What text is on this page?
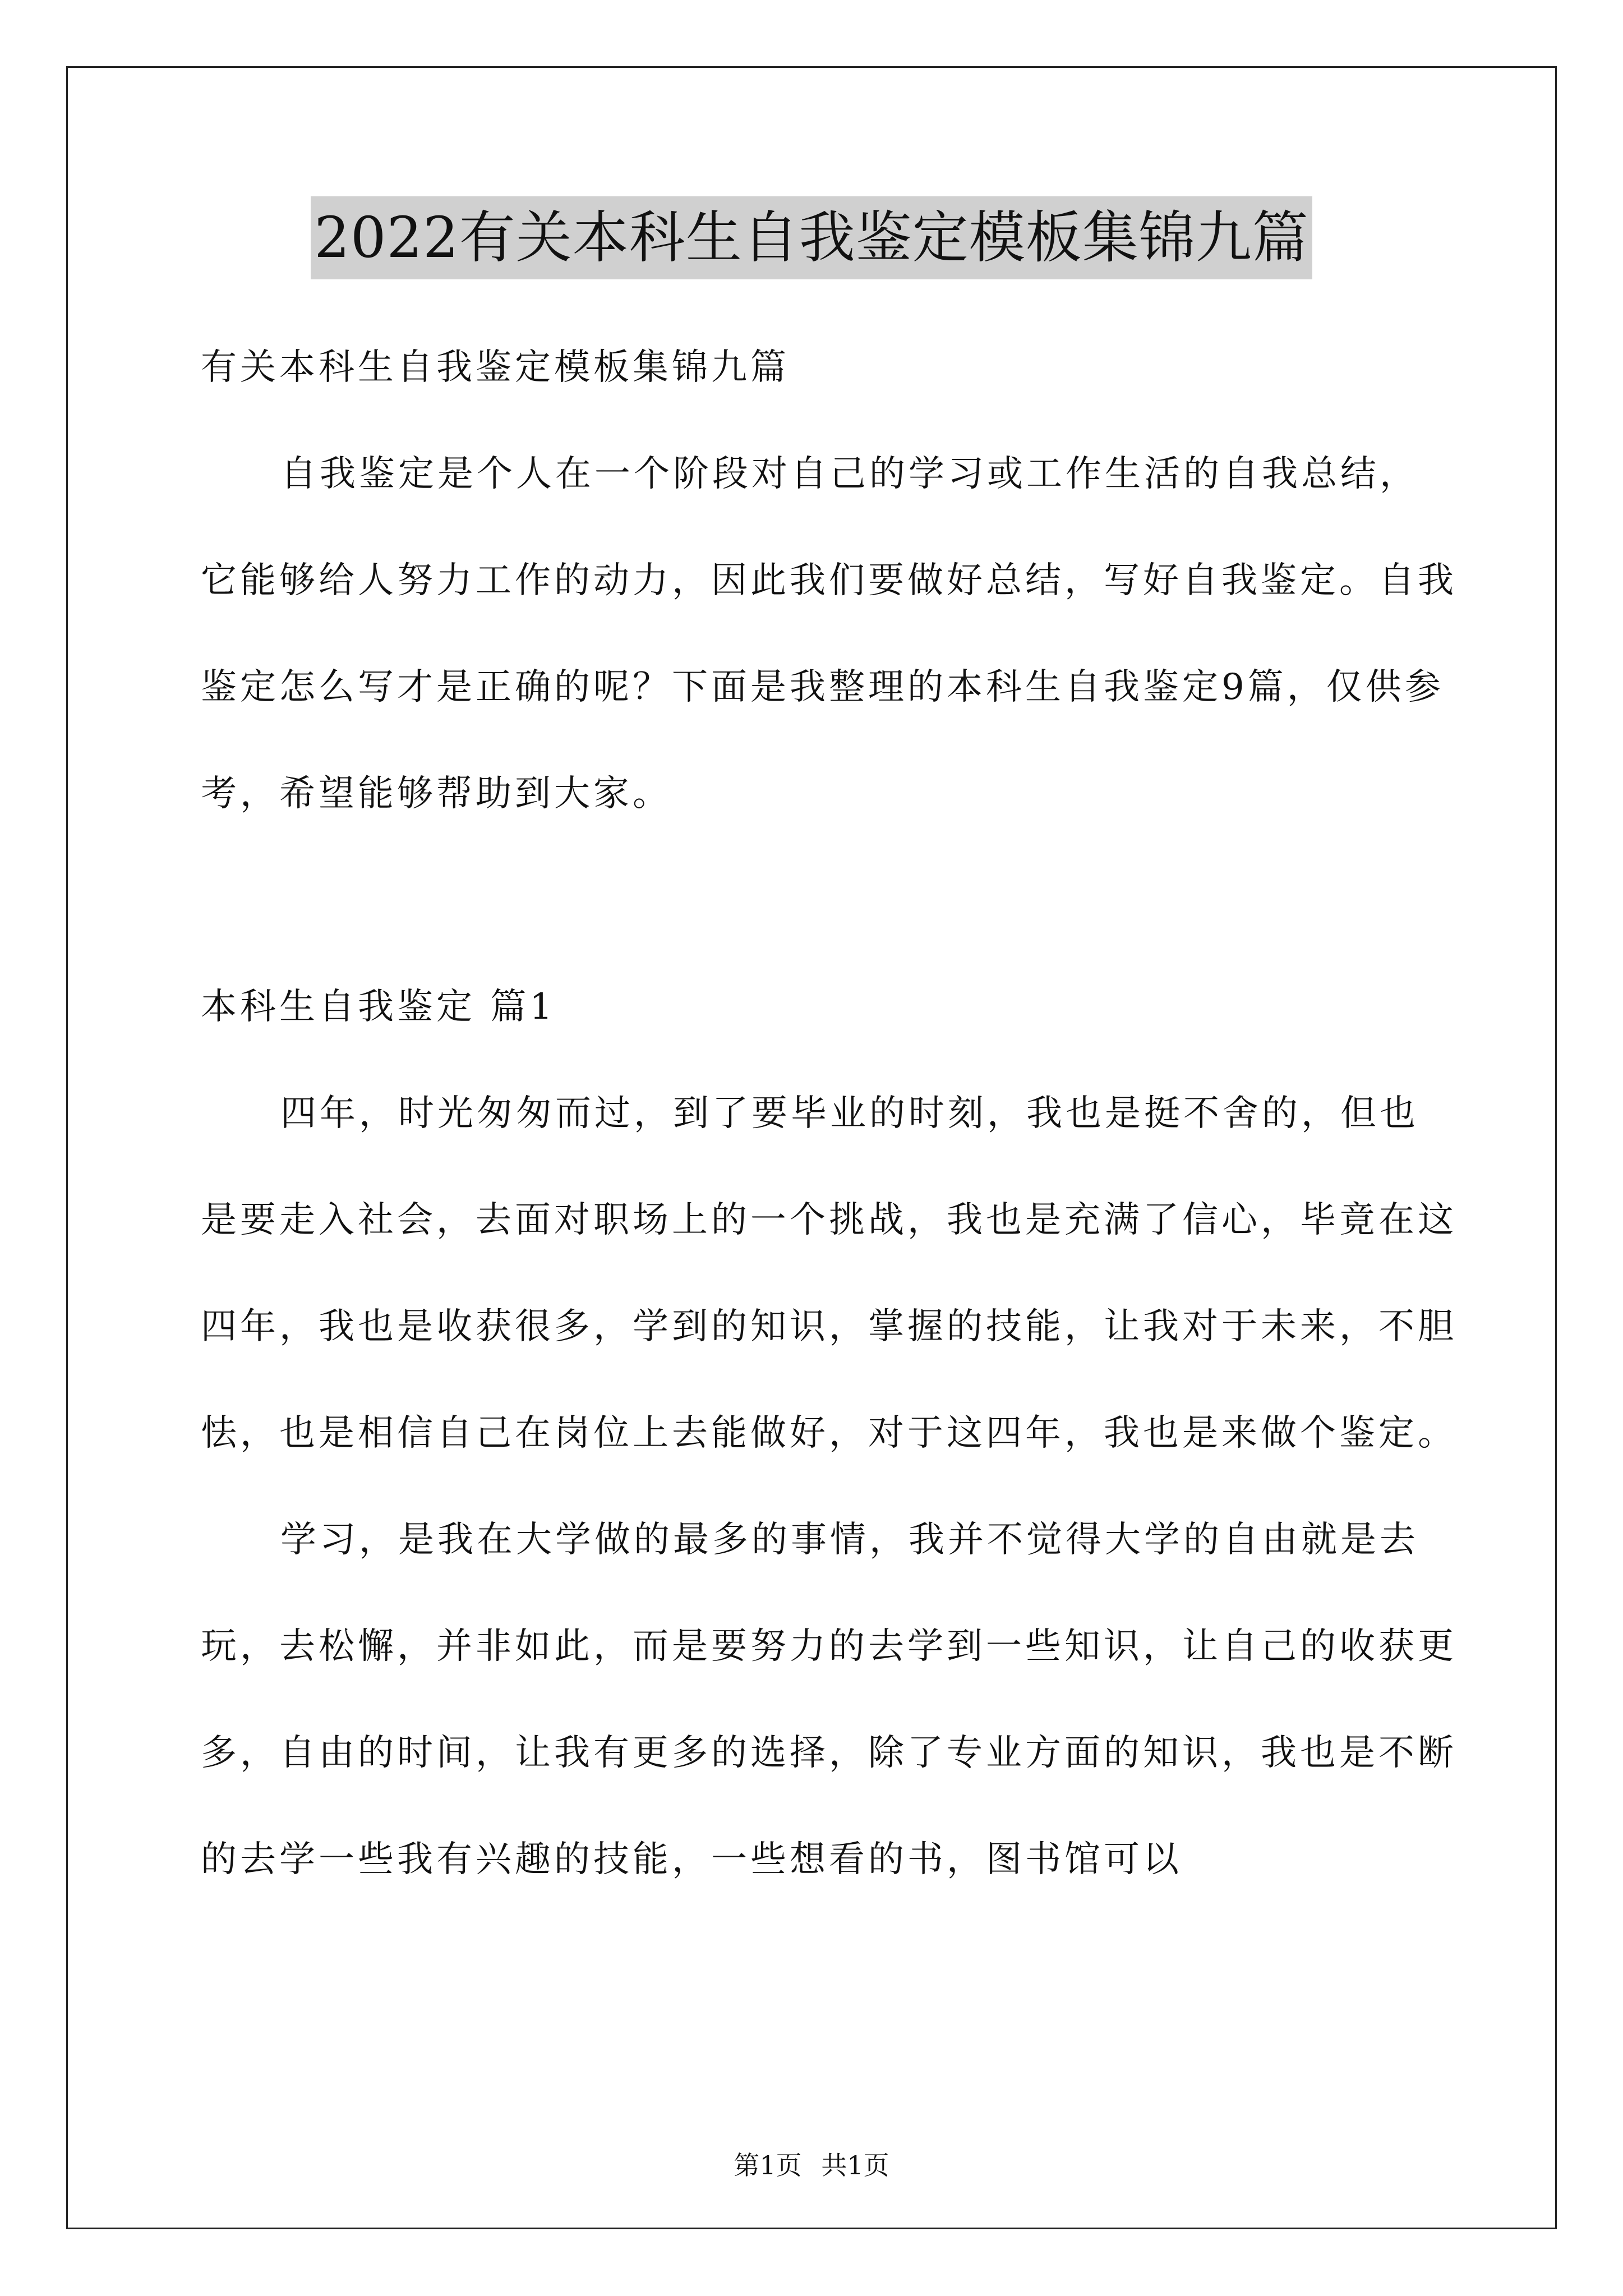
2022有关本科生自我鉴定模板集锦九篇

有关本科生自我鉴定模板集锦九篇

自我鉴定是个人在一个阶段对自己的学习或工作生活的自我总结，它能够给人努力工作的动力，因此我们要做好总结，写好自我鉴定。自我鉴定怎么写才是正确的呢？下面是我整理的本科生自我鉴定9篇，仅供参考，希望能够帮助到大家。

本科生自我鉴定 篇1

四年，时光匆匆而过，到了要毕业的时刻，我也是挺不舍的，但也是要走入社会，去面对职场上的一个挑战，我也是充满了信心，毕竟在这四年，我也是收获很多，学到的知识，掌握的技能，让我对于未来，不胆怯，也是相信自己在岗位上去能做好，对于这四年，我也是来做个鉴定。

学习，是我在大学做的最多的事情，我并不觉得大学的自由就是去玩，去松懈，并非如此，而是要努力的去学到一些知识，让自己的收获更多，自由的时间，让我有更多的选择，除了专业方面的知识，我也是不断的去学一些我有兴趣的技能，一些想看的书，图书馆可以

第1页 共1页
